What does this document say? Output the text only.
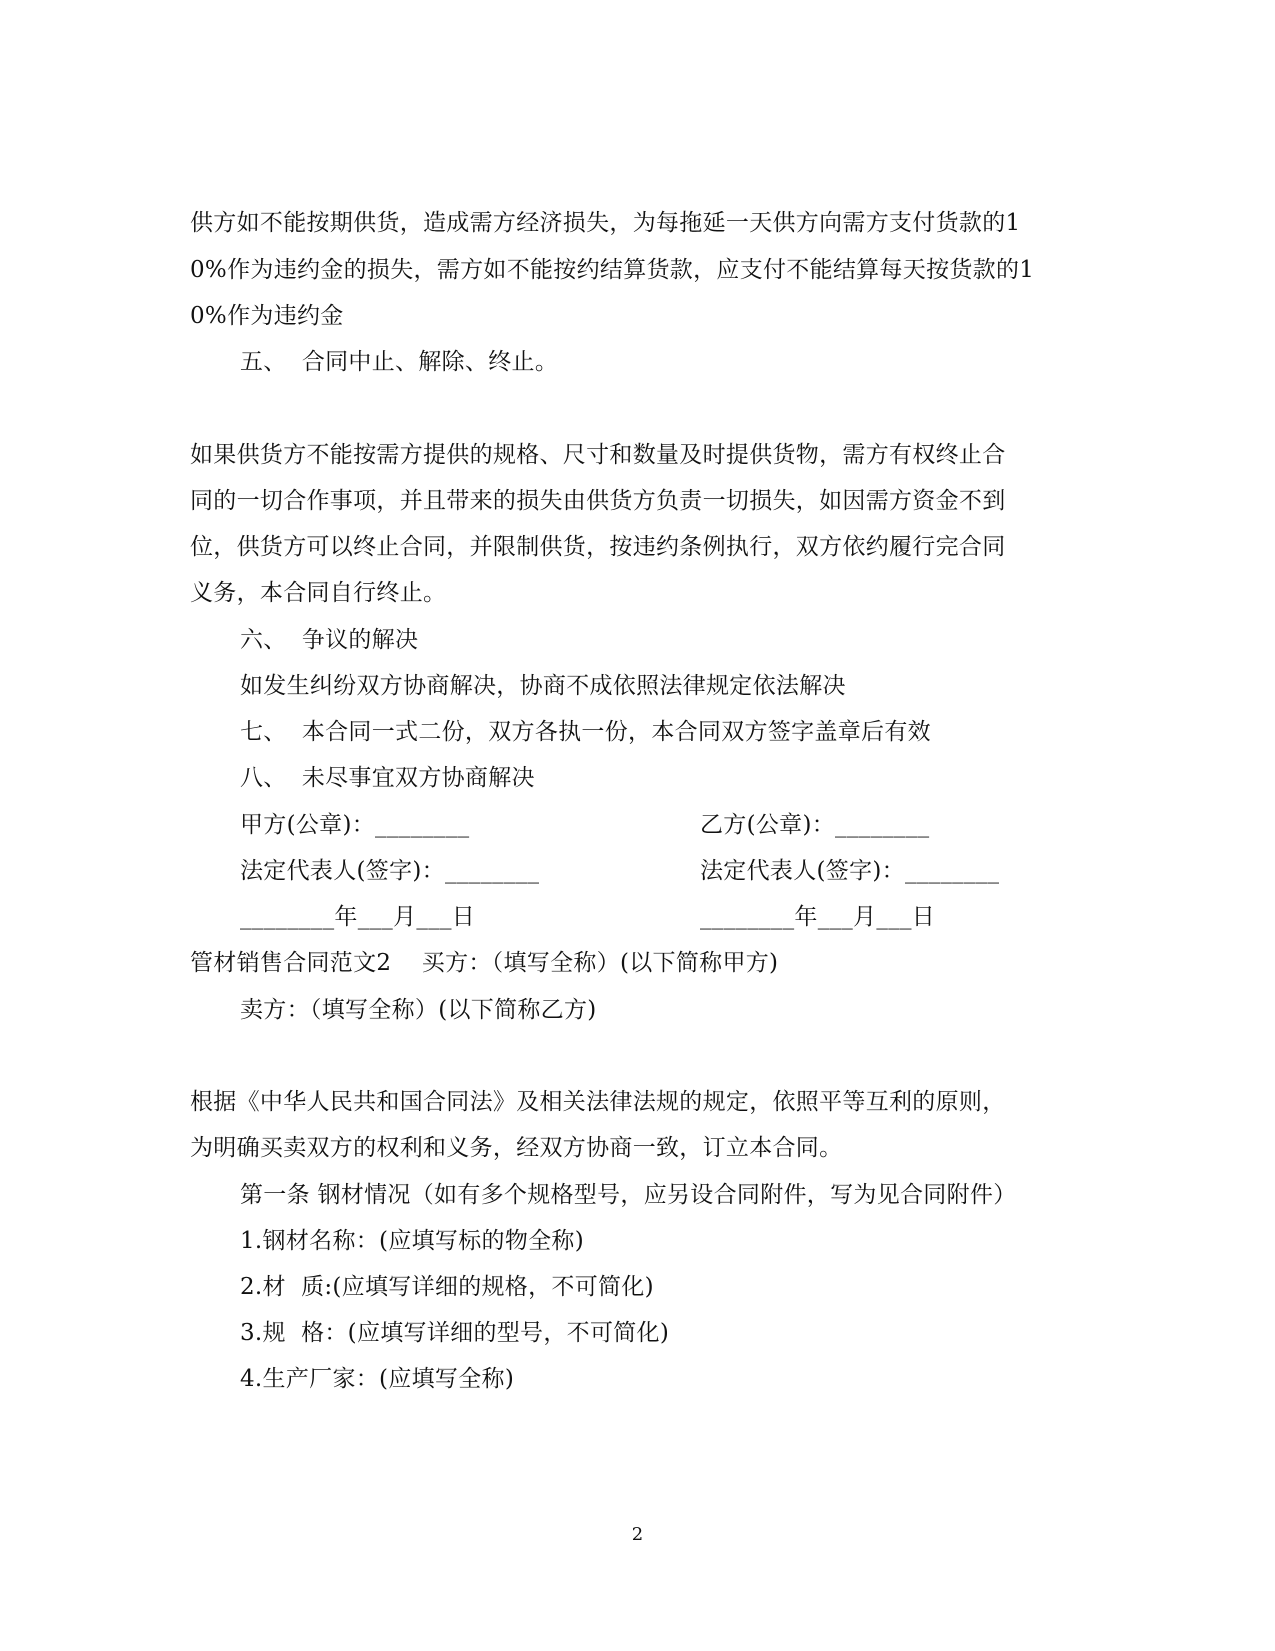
供方如不能按期供货，造成需方经济损失，为每拖延一天供方向需方支付货款的1
0%作为违约金的损失，需方如不能按约结算货款，应支付不能结算每天按货款的1
0%作为违约金
五、  合同中止、解除、终止。
如果供货方不能按需方提供的规格、尺寸和数量及时提供货物，需方有权终止合
同的一切合作事项，并且带来的损失由供货方负责一切损失，如因需方资金不到
位，供货方可以终止合同，并限制供货，按违约条例执行，双方依约履行完合同
义务，本合同自行终止。
六、  争议的解决
如发生纠纷双方协商解决，协商不成依照法律规定依法解决
七、  本合同一式二份，双方各执一份，本合同双方签字盖章后有效
八、  未尽事宜双方协商解决
甲方(公章)：________	乙方(公章)：________
法定代表人(签字)：________	法定代表人(签字)：________
________年___月___日	________年___月___日
管材销售合同范文2    买方：（填写全称）(以下简称甲方)
卖方：（填写全称）(以下简称乙方)
根据《中华人民共和国合同法》及相关法律法规的规定，依照平等互利的原则，
为明确买卖双方的权利和义务，经双方协商一致，订立本合同。
第一条 钢材情况（如有多个规格型号，应另设合同附件，写为见合同附件）
1.钢材名称：(应填写标的物全称)
2.材  质:(应填写详细的规格，不可简化)
3.规  格：(应填写详细的型号，不可简化)
4.生产厂家：(应填写全称)
2
